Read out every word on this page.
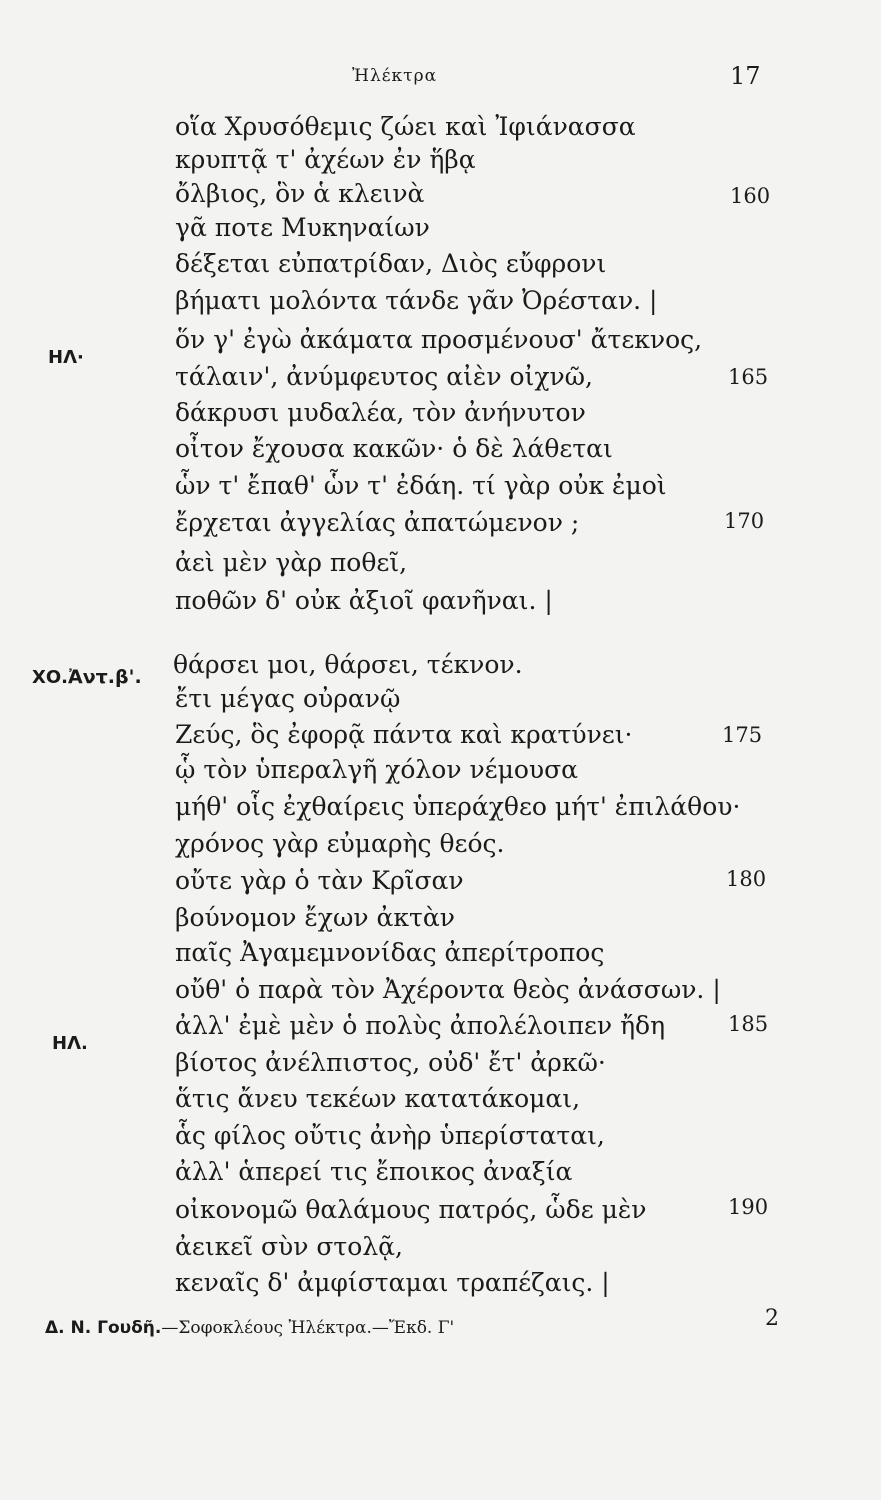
Ἠλέκτρα	17
ΗΛ·
ΧΟ.Ἀντ.β'.
ΗΛ.
οἵα Χρυσόθεμις ζώει καὶ Ἰφιάνασσα
κρυπτᾷ τ' ἀχέων ἐν ἥβᾳ
ὄλβιος, ὃν ἁ κλεινὰ
γᾶ ποτε Μυκηναίων
δέξεται εὐπατρίδαν, Διὸς εὔφρονι
βήματι μολόντα τάνδε γᾶν Ὀρέσταν. |
ὅν γ' ἐγὼ ἀκάματα προσμένουσ' ἄτεκνος,
τάλαιν', ἀνύμφευτος αἰὲν οἰχνῶ,
δάκρυσι μυδαλέα, τὸν ἀνήνυτον
οἶτον ἔχουσα κακῶν· ὁ δὲ λάθεται
ὧν τ' ἔπαθ' ὧν τ' ἐδάη. τί γὰρ οὐκ ἐμοὶ
ἔρχεται ἀγγελίας ἀπατώμενον ;
ἀεὶ μὲν γὰρ ποθεῖ,
ποθῶν δ' οὐκ ἀξιοῖ φανῆναι. |
θάρσει μοι, θάρσει, τέκνον.
ἔτι μέγας οὐρανῷ
Ζεύς, ὃς ἐφορᾷ πάντα καὶ κρατύνει·
ᾧ τὸν ὑπεραλγῆ χόλον νέμουσα
μήθ' οἷς ἐχθαίρεις ὑπεράχθεο μήτ' ἐπιλάθου·
χρόνος γὰρ εὐμαρὴς θεός.
οὔτε γὰρ ὁ τὰν Κρῖσαν
βούνομον ἔχων ἀκτὰν
παῖς Ἀγαμεμνονίδας ἀπερίτροπος
οὔθ' ὁ παρὰ τὸν Ἀχέροντα θεὸς ἀνάσσων. |
ἀλλ' ἐμὲ μὲν ὁ πολὺς ἀπολέλοιπεν ἤδη
βίοτος ἀνέλπιστος, οὐδ' ἔτ' ἀρκῶ·
ἅτις ἄνευ τεκέων κατατάκομαι,
ἇς φίλος οὔτις ἀνὴρ ὑπερίσταται,
ἀλλ' ἁπερεί τις ἔποικος ἀναξία
οἰκονομῶ θαλάμους πατρός, ὧδε μὲν
ἀεικεῖ σὺν στολᾷ,
κεναῖς δ' ἀμφίσταμαι τραπέζαις. |
160
165
170
175
180
185
190
Δ. Ν. Γουδῆ.—Σοφοκλέους Ἠλέκτρα.—Ἔκδ. Γ'	2
